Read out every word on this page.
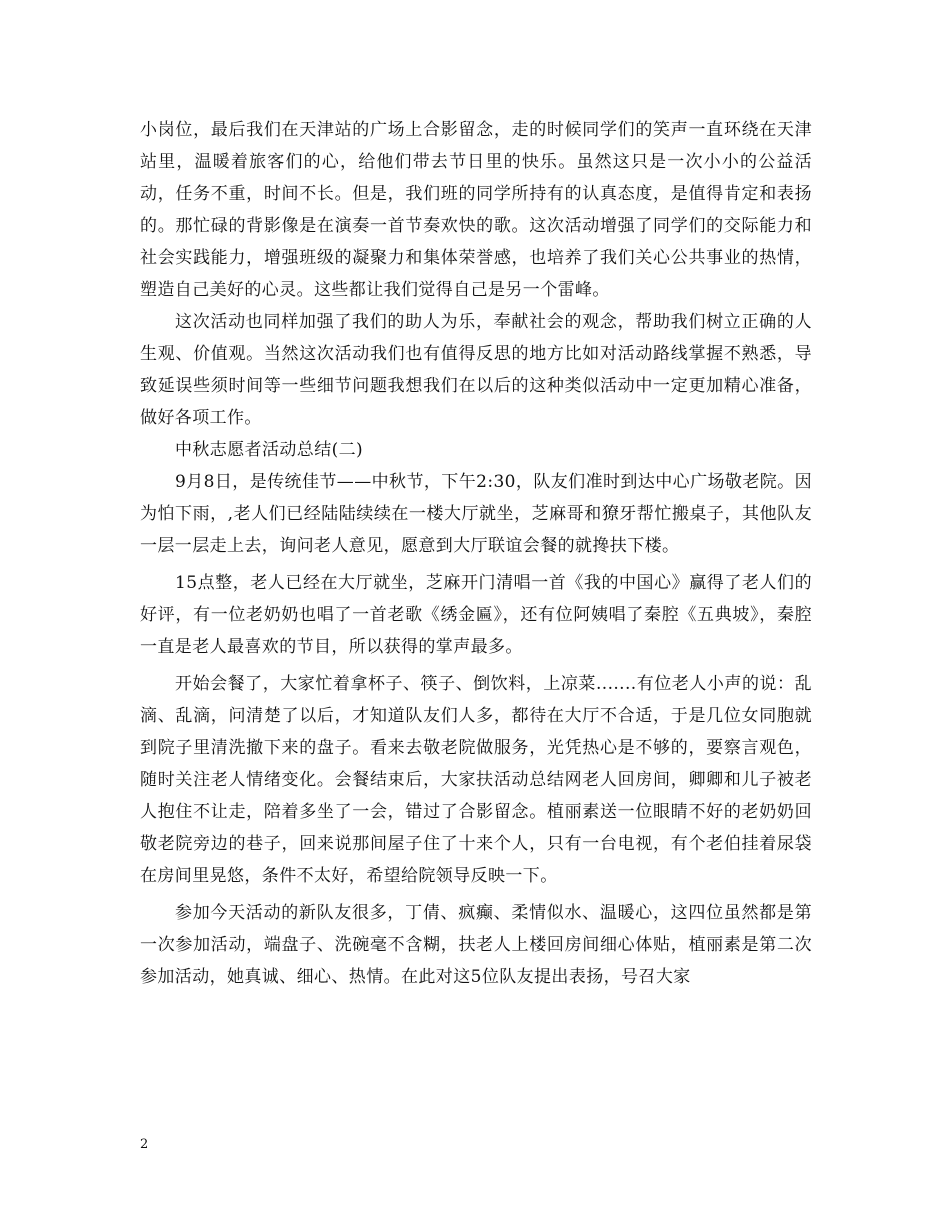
小岗位，最后我们在天津站的广场上合影留念，走的时候同学们的笑声一直环绕在天津站里，温暖着旅客们的心，给他们带去节日里的快乐。虽然这只是一次小小的公益活动，任务不重，时间不长。但是，我们班的同学所持有的认真态度，是值得肯定和表扬的。那忙碌的背影像是在演奏一首节奏欢快的歌。这次活动增强了同学们的交际能力和社会实践能力，增强班级的凝聚力和集体荣誉感，也培养了我们关心公共事业的热情，塑造自己美好的心灵。这些都让我们觉得自己是另一个雷峰。

这次活动也同样加强了我们的助人为乐，奉献社会的观念，帮助我们树立正确的人生观、价值观。当然这次活动我们也有值得反思的地方比如对活动路线掌握不熟悉，导致延误些须时间等一些细节问题我想我们在以后的这种类似活动中一定更加精心准备，做好各项工作。

中秋志愿者活动总结(二)

9月8日，是传统佳节——中秋节，下午2:30，队友们准时到达中心广场敬老院。因为怕下雨，,老人们已经陆陆续续在一楼大厅就坐，芝麻哥和獠牙帮忙搬桌子，其他队友一层一层走上去，询问老人意见，愿意到大厅联谊会餐的就搀扶下楼。

15点整，老人已经在大厅就坐，芝麻开门清唱一首《我的中国心》赢得了老人们的好评，有一位老奶奶也唱了一首老歌《绣金匾》，还有位阿姨唱了秦腔《五典坡》，秦腔一直是老人最喜欢的节目，所以获得的掌声最多。

开始会餐了，大家忙着拿杯子、筷子、倒饮料，上凉菜.......有位老人小声的说：乱滴、乱滴，问清楚了以后，才知道队友们人多，都待在大厅不合适，于是几位女同胞就到院子里清洗撤下来的盘子。看来去敬老院做服务，光凭热心是不够的，要察言观色，随时关注老人情绪变化。会餐结束后，大家扶活动总结网老人回房间，卿卿和儿子被老人抱住不让走，陪着多坐了一会，错过了合影留念。植丽素送一位眼睛不好的老奶奶回敬老院旁边的巷子，回来说那间屋子住了十来个人，只有一台电视，有个老伯挂着尿袋在房间里晃悠，条件不太好，希望给院领导反映一下。

参加今天活动的新队友很多，丁倩、疯癫、柔情似水、温暖心，这四位虽然都是第一次参加活动，端盘子、洗碗毫不含糊，扶老人上楼回房间细心体贴，植丽素是第二次参加活动，她真诚、细心、热情。在此对这5位队友提出表扬，号召大家

2
